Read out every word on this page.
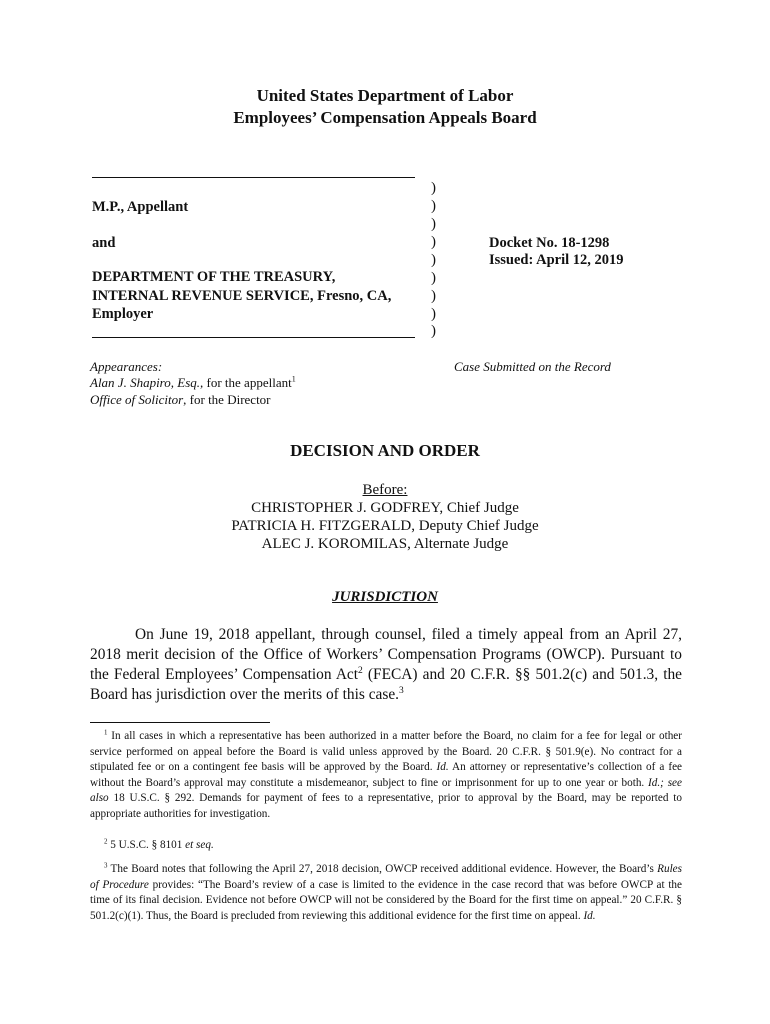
United States Department of Labor
Employees’ Compensation Appeals Board
M.P., Appellant
and
DEPARTMENT OF THE TREASURY,
INTERNAL REVENUE SERVICE, Fresno, CA,
Employer
)
)
)
)
)
)
)
)
)
Docket No. 18-1298
Issued: April 12, 2019
Appearances:
Alan J. Shapiro, Esq., for the appellant$^1$
Office of Solicitor, for the Director
Case Submitted on the Record
DECISION AND ORDER
Before:
CHRISTOPHER J. GODFREY, Chief Judge
PATRICIA H. FITZGERALD, Deputy Chief Judge
ALEC J. KOROMILAS, Alternate Judge
JURISDICTION
On June 19, 2018 appellant, through counsel, filed a timely appeal from an April 27, 2018 merit decision of the Office of Workers’ Compensation Programs (OWCP). Pursuant to the Federal Employees’ Compensation Act$^2$ (FECA) and 20 C.F.R. §§ 501.2(c) and 501.3, the Board has jurisdiction over the merits of this case.$^3$
$^1$ In all cases in which a representative has been authorized in a matter before the Board, no claim for a fee for legal or other service performed on appeal before the Board is valid unless approved by the Board. 20 C.F.R. § 501.9(e). No contract for a stipulated fee or on a contingent fee basis will be approved by the Board. Id. An attorney or representative’s collection of a fee without the Board’s approval may constitute a misdemeanor, subject to fine or imprisonment for up to one year or both. Id.; see also 18 U.S.C. § 292. Demands for payment of fees to a representative, prior to approval by the Board, may be reported to appropriate authorities for investigation.
$^2$ 5 U.S.C. § 8101 et seq.
$^3$ The Board notes that following the April 27, 2018 decision, OWCP received additional evidence. However, the Board’s Rules of Procedure provides: “The Board’s review of a case is limited to the evidence in the case record that was before OWCP at the time of its final decision. Evidence not before OWCP will not be considered by the Board for the first time on appeal.” 20 C.F.R. § 501.2(c)(1). Thus, the Board is precluded from reviewing this additional evidence for the first time on appeal. Id.
